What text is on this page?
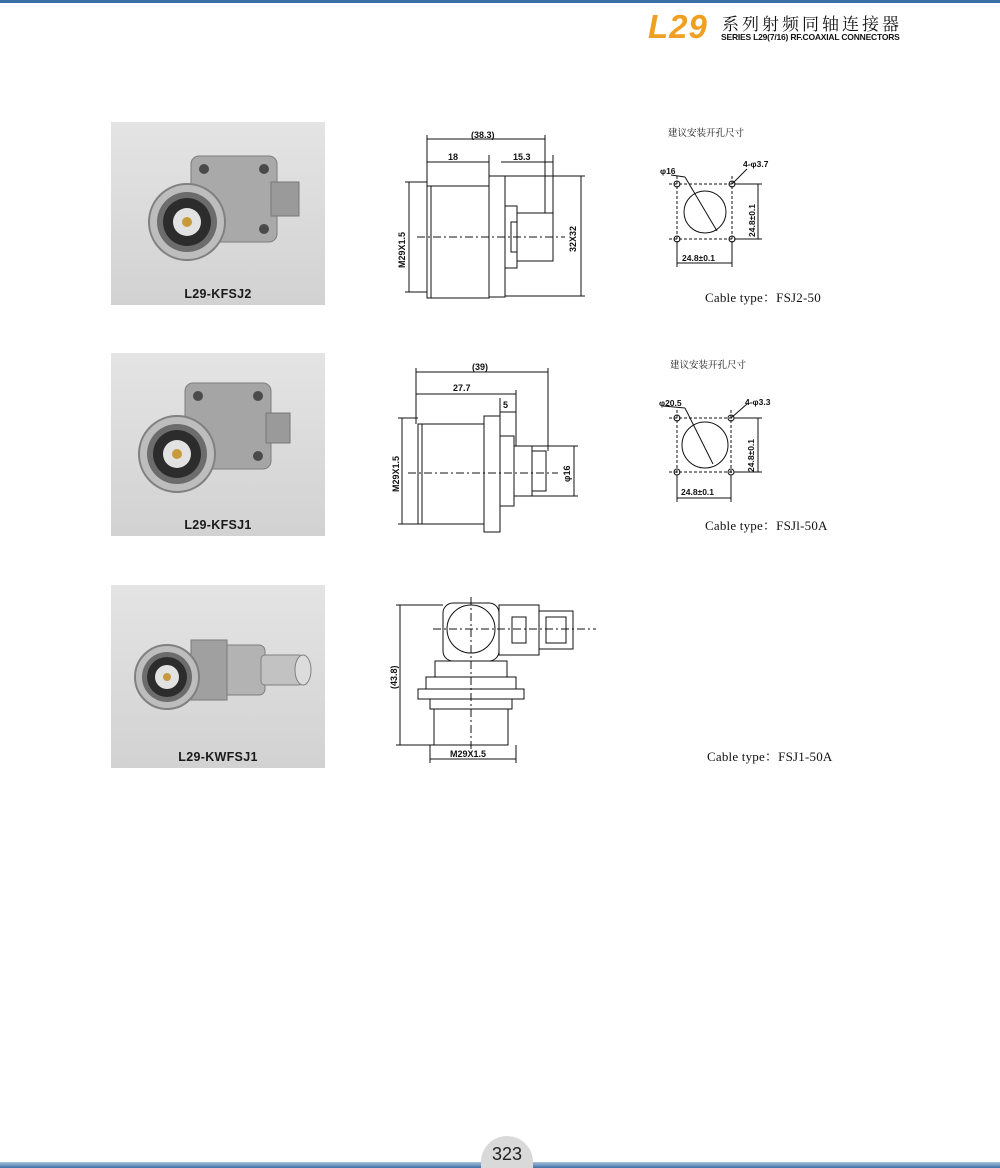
L29 系列射频同轴连接器
SERIES L29(7/16) RF.COAXIAL CONNECTORS
L29-KFSJ2
(38.3)
18	15.3
M29X1.5	32X32
建议安装开孔尺寸
φ16
4-φ3.7
24.8±0.1
24.8±0.1
Cable type：FSJ2-50
L29-KFSJ1
(39)
27.7
5
M29X1.5	φ16
建议安装开孔尺寸
φ20.5	4-φ3.3
24.8±0.1
24.8±0.1
Cable type：FSJl-50A
L29-KWFSJ1
(43.8)
M29X1.5	Cable type：FSJ1-50A
323
